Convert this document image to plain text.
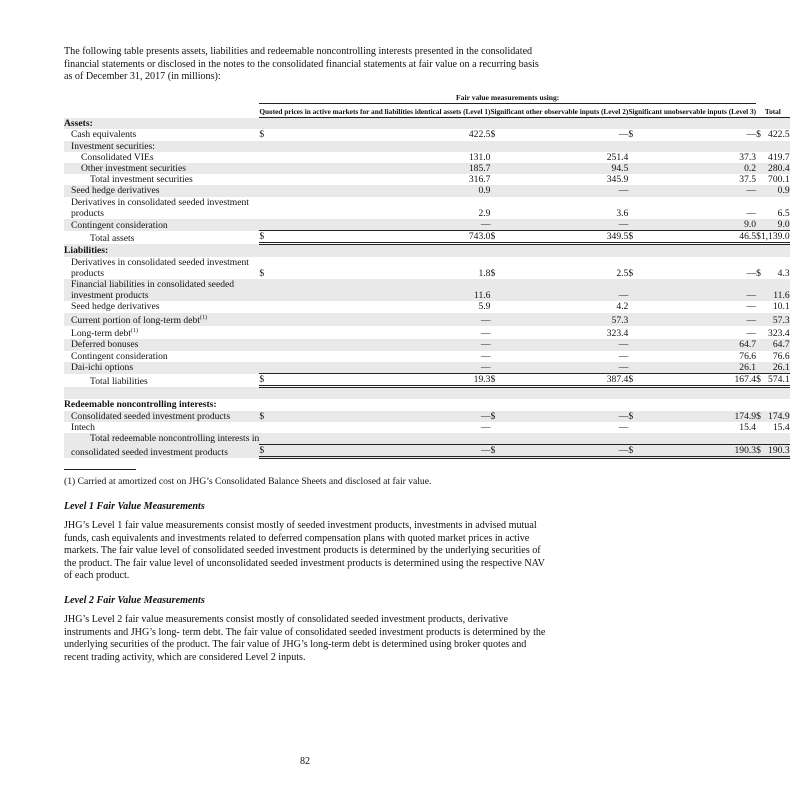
The following table presents assets, liabilities and redeemable noncontrolling interests presented in the consolidated financial statements or disclosed in the notes to the consolidated financial statements at fair value on a recurring basis as of December 31, 2017 (in millions):

	Fair value measurements using:							
	Quoted prices in active markets for and liabilities identical assets (Level 1)		Significant other observable inputs (Level 2)		Significant unobservable inputs (Level 3)		Total	
Assets:											
Cash equivalents	$	422.5		$	—		$	—		$	422.5
Investment securities:											
Consolidated VIEs		131.0			251.4			37.3			419.7
Other investment securities		185.7			94.5			0.2			280.4
Total investment securities		316.7			345.9			37.5			700.1
Seed hedge derivatives		0.9			—			—			0.9
Derivatives in consolidated seeded investment											
products		2.9			3.6			—			6.5
Contingent consideration		—			—			9.0			9.0
Total assets	$	743.0		$	349.5		$	46.5		$	1,139.0
Liabilities:											
Derivatives in consolidated seeded investment											
products	$	1.8		$	2.5		$	—		$	4.3
Financial liabilities in consolidated seeded											
investment products		11.6			—			—			11.6
Seed hedge derivatives		5.9			4.2			—			10.1
Current portion of long-term debt$^{(1)}$		—			57.3			—			57.3
Long-term debt$^{(1)}$		—			323.4			—			323.4
Deferred bonuses		—			—			64.7			64.7
Contingent consideration		—			—			76.6			76.6
Dai-ichi options		—			—			26.1			26.1
Total liabilities	$	19.3		$	387.4		$	167.4		$	574.1

Redeemable noncontrolling interests:											
Consolidated seeded investment products	$	—		$	—		$	174.9		$	174.9
Intech		—			—			15.4			15.4
Total redeemable noncontrolling interests in											
consolidated seeded investment products	$	—		$	—		$	190.3		$	190.3

(1) Carried at amortized cost on JHG’s Consolidated Balance Sheets and disclosed at fair value.

Level 1 Fair Value Measurements

JHG’s Level 1 fair value measurements consist mostly of seeded investment products, investments in advised mutual funds, cash equivalents and investments related to deferred compensation plans with quoted market prices in active markets. The fair value level of consolidated seeded investment products is determined by the underlying securities of the product. The fair value level of unconsolidated seeded investment products is determined using the respective NAV of each product.

Level 2 Fair Value Measurements

JHG’s Level 2 fair value measurements consist mostly of consolidated seeded investment products, derivative instruments and JHG’s long- term debt. The fair value of consolidated seeded investment products is determined by the underlying securities of the product. The fair value of JHG’s long-term debt is determined using broker quotes and recent trading activity, which are considered Level 2 inputs.

82
